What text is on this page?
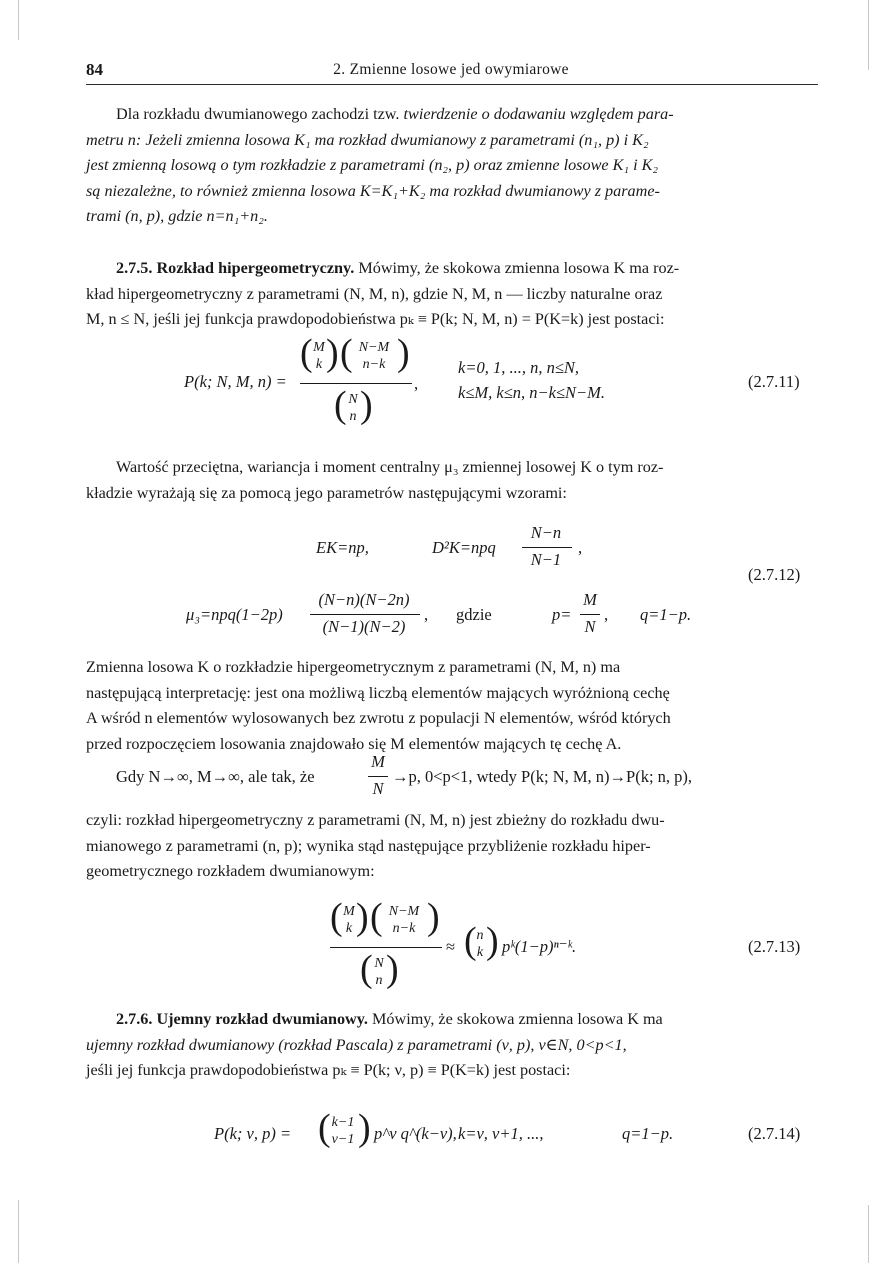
84	2. Zmienne losowe jed owymiarowe
Dla rozkładu dwumianowego zachodzi tzw. twierdzenie o dodawaniu względem para-
metru n: Jeżeli zmienna losowa K₁ ma rozkład dwumianowy z parametrami (n₁, p) i K₂
jest zmienną losową o tym rozkładzie z parametrami (n₂, p) oraz zmienne losowe K₁ i K₂
są niezależne, to również zmienna losowa K=K₁+K₂ ma rozkład dwumianowy z parame-
trami (n, p), gdzie n=n₁+n₂.
2.7.5. Rozkład hipergeometryczny. Mówimy, że skokowa zmienna losowa K ma roz-
kład hipergeometryczny z parametrami (N, M, n), gdzie N, M, n — liczby naturalne oraz
M, n ≤ N, jeśli jej funkcja prawdopodobieństwa pₖ ≡ P(k; N, M, n) = P(K=k) jest postaci:
P(k; N, M, n) =
( M
k ) ( N−M
n−k )
( N
n )
,
k=0, 1, ..., n, n≤N,
k≤M, k≤n, n−k≤N−M.
(2.7.11)
Wartość przeciętna, wariancja i moment centralny μ₃ zmiennej losowej K o tym roz-
kładzie wyrażają się za pomocą jego parametrów następującymi wzorami:
EK=np,	D²K=npq
N−n
N−1
,
μ₃=npq(1−2p)
(N−n)(N−2n)
(N−1)(N−2)
, gdzie	p=
M
N
, q=1−p.
(2.7.12)
Zmienna losowa K o rozkładzie hipergeometrycznym z parametrami (N, M, n) ma
następującą interpretację: jest ona możliwą liczbą elementów mających wyróżnioną cechę
A wśród n elementów wylosowanych bez zwrotu z populacji N elementów, wśród których
przed rozpoczęciem losowania znajdowało się M elementów mających tę cechę A.
Gdy N→∞, M→∞, ale tak, że
M
N
→p, 0<p<1, wtedy P(k; N, M, n)→P(k; n, p),
czyli: rozkład hipergeometryczny z parametrami (N, M, n) jest zbieżny do rozkładu dwu-
mianowego z parametrami (n, p); wynika stąd następujące przybliżenie rozkładu hiper-
geometrycznego rozkładem dwumianowym:
( M
k ) ( N−M
n−k )
( N
n )
≈ ( n
k ) pᵏ(1−p)ⁿ⁻ᵏ.	(2.7.13)
2.7.6. Ujemny rozkład dwumianowy. Mówimy, że skokowa zmienna losowa K ma
ujemny rozkład dwumianowy (rozkład Pascala) z parametrami (ν, p), ν∈N, 0<p<1,
jeśli jej funkcja prawdopodobieństwa pₖ ≡ P(k; ν, p) ≡ P(K=k) jest postaci:
P(k; ν, p) = ( k−1
ν−1 ) p^ν q^(k−ν), k=ν, ν+1, ...,	q=1−p.	(2.7.14)
